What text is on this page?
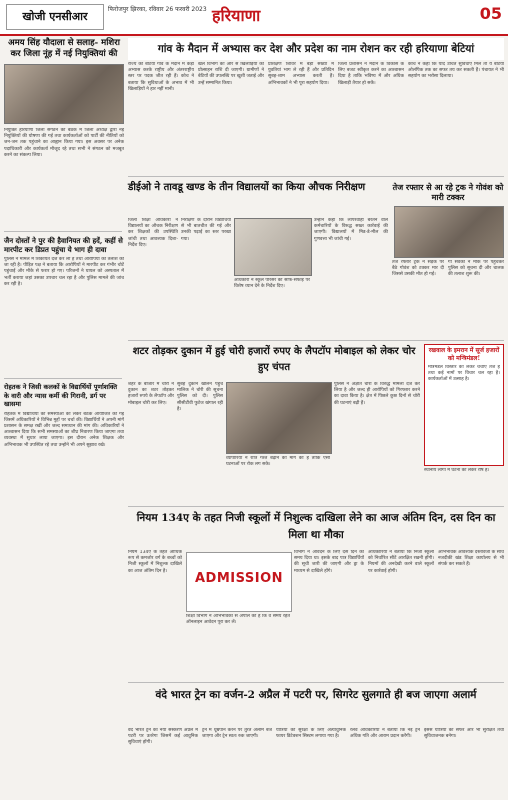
खोजी एनसीआर
फिरोजपुर झिरका, रविवार 26 फरवरी 2023 हरियाणा	05
अमय सिंह यौदाला से सलाह- मशिरा कर जिला नूंह में नई नियुक्तियां की
नियुक्ति हरियाणा जिला संगठन की बैठक में जिला अध्यक्ष द्वारा नई नियुक्तियों की घोषणा की गई तथा कार्यकर्ताओं को पार्टी की नीतियों को जन-जन तक पहुंचाने का आह्वान किया गया। इस अवसर पर अनेक पदाधिकारी और कार्यकर्ता मौजूद रहे तथा सभी ने संगठन को मजबूत करने का संकल्प लिया।
जैन दोस्तों ने पुर की हैवानियत की हदें, कहीं से मारपीट कर डिप्रत पहुंचा ये भाग ही दावा
पुलिस ने मामले में शिकायत दर्ज कर ली है तथा आरोपियों की तलाश की जा रही है। पीड़ित पक्ष ने बताया कि आरोपियों ने मारपीट कर गंभीर चोटें पहुंचाई और मौके से फरार हो गए। परिजनों ने घायल को अस्पताल में भर्ती कराया जहां उसका उपचार चल रहा है और पुलिस मामले की जांच कर रही है।
रोहतक ने जिसी कलकों के विद्यार्थियों पूर्णाशक्ति के वारी और न्यास कर्मी की गिरानी, डर्ग पर खासमा
रोहतक में विद्यार्थियों की समस्याओं को लेकर बैठक आयोजित की गई जिसमें अधिकारियों ने विभिन्न मुद्दों पर चर्चा की। विद्यार्थियों ने अपनी मांगें प्रशासन के समक्ष रखीं और जल्द समाधान की मांग की। अधिकारियों ने आश्वासन दिया कि सभी समस्याओं का शीघ्र निवारण किया जाएगा तथा व्यवस्था में सुधार लाया जाएगा। इस दौरान अनेक शिक्षक और अभिभावक भी उपस्थित रहे तथा उन्होंने भी अपने सुझाव रखे।
गांव के मैदान में अभ्यास कर देश और प्रदेश का नाम रोशन कर रही हरियाणा बेटियां
राज्य की बेटियां गांव के मैदान में कड़ा अभ्यास करके राष्ट्रीय और अंतरराष्ट्रीय स्तर पर पदक जीत रही हैं। कोच ने बताया कि सुविधाओं के अभाव में भी खिलाड़ियों ने हार नहीं मानी।
खेल विभाग की ओर से खिलाड़ियों को प्रोत्साहन राशि दी जाएगी। ग्रामीणों ने बेटियों की उपलब्धि पर खुशी जताई और उन्हें सम्मानित किया।
प्रशिक्षण शिविर में बड़ी संख्या में युवतियां भाग ले रही हैं और प्रतिदिन सुबह-शाम अभ्यास करती हैं। अभिभावकों ने भी पूरा सहयोग दिया।
जिला प्रशासन ने मैदान के विकास के लिए बजट स्वीकृत करने का आश्वासन दिया है ताकि भविष्य में और अधिक खिलाड़ी तैयार हो सकें।
कोच ने कहा कि यदि उचित सुविधाएं मिलें तो ये बेटियां ओलंपिक तक का सफर तय कर सकती हैं। पंचायत ने भी सहयोग का भरोसा दिलाया।
डीईओ ने तावडू खण्ड के तीन विद्यालयों का किया औचक निरीक्षण
जिला शिक्षा अधिकारी ने विद्यालयों का औचक निरीक्षण कर शिक्षकों की उपस्थिति जांची तथा आवश्यक दिशा-निर्देश दिए।
निरीक्षण के दौरान विद्यार्थियों से भी बातचीत की गई और उनकी पढ़ाई का स्तर परखा गया।
अधिकारी ने स्कूल परिसर की साफ-सफाई पर विशेष ध्यान देने के निर्देश दिए।
उन्होंने कहा कि लापरवाही बरतने वाले कर्मचारियों के विरुद्ध सख्त कार्रवाई की जाएगी। विद्यालयों में मिड-डे-मील की गुणवत्ता भी जांची गई।
तेज रफ्तार से आ रहे ट्रक ने गोवंश को मारी टक्कर
तेज रफ्तार ट्रक ने सड़क पर बैठे गोवंश को टक्कर मार दी जिससे उसकी मौत हो गई।
गौ सेवकों ने मौके पर पहुंचकर पुलिस को सूचना दी और चालक की तलाश शुरू की।
शटर तोड़कर दुकान में हुई चोरी हजारों रुपए के लैपटॉप मोबाइल को लेकर चोर हुए चंपत
रखवाल के इमरान में सूर्ज हजारों को मन्त्रिमंडल!
मंत्रिमंडल विस्तार को लेकर चर्चाएं तेज हैं तथा कई नामों पर विचार चल रहा है। कार्यकर्ताओं में उत्साह है।
शहर के बाजार में चोरों ने दुकान का शटर तोड़कर हजारों रुपये के लैपटॉप और मोबाइल चोरी कर लिए।
सुबह दुकान खोलने पहुंचे मालिक ने चोरी की सूचना पुलिस को दी। पुलिस सीसीटीवी फुटेज खंगाल रही है।
व्यापारियों ने रात्रि गश्त बढ़ाने की मांग की है ताकि ऐसी घटनाओं पर रोक लग सके।
पुलिस ने अज्ञात चोरों के विरुद्ध मामला दर्ज कर लिया है और जल्द ही आरोपियों को गिरफ्तार करने का दावा किया है। क्षेत्र में पिछले कुछ दिनों से चोरी की घटनाएं बढ़ी हैं।
स्थानीय लोगों में घटना को लेकर रोष है।
नियम 134ए के तहत निजी स्कूलों में निशुल्क दाखिला लेने का आज अंतिम दिन, दस दिन का मिला था मौका
नियम 134ए के तहत आर्थिक रूप से कमजोर वर्ग के बच्चों को निजी स्कूलों में निशुल्क दाखिले का आज अंतिम दिन है।	ADMISSION
शिक्षा विभाग ने अभिभावकों से अपील की है कि वे समय रहते ऑनलाइन आवेदन पूरा कर लें।
विभाग ने आवेदन के लिए दस दिन का समय दिया था। इसके बाद पात्र विद्यार्थियों की सूची जारी की जाएगी और ड्रा के माध्यम से दाखिले होंगे।
अधिकारियों ने बताया कि निजी स्कूलों को निर्धारित सीटें आरक्षित रखनी होंगी। नियमों की अनदेखी करने वाले स्कूलों पर कार्रवाई होगी।
अभिभावक आवश्यक दस्तावेजों के साथ नजदीकी खंड शिक्षा कार्यालय से भी संपर्क कर सकते हैं।
वंदे भारत ट्रेन का वर्जन-2 अप्रैल में पटरी पर, सिगरेट सुलगाते ही बज जाएगा अलार्म
वंदे भारत ट्रेन का नया संस्करण अप्रैल में पटरी पर उतरेगा जिसमें कई आधुनिक सुविधाएं होंगी।
ट्रेन में धूम्रपान करने पर तुरंत अलार्म बज जाएगा और ट्रेन स्वतः रुक जाएगी।
यात्रियों की सुरक्षा के लिए अत्याधुनिक फायर डिटेक्शन सिस्टम लगाया गया है।
रेलवे अधिकारियों ने बताया कि नई ट्रेनें अधिक गति और आराम प्रदान करेंगी।
इससे यात्रियों का सफर और भी सुरक्षित तथा सुविधाजनक बनेगा।
